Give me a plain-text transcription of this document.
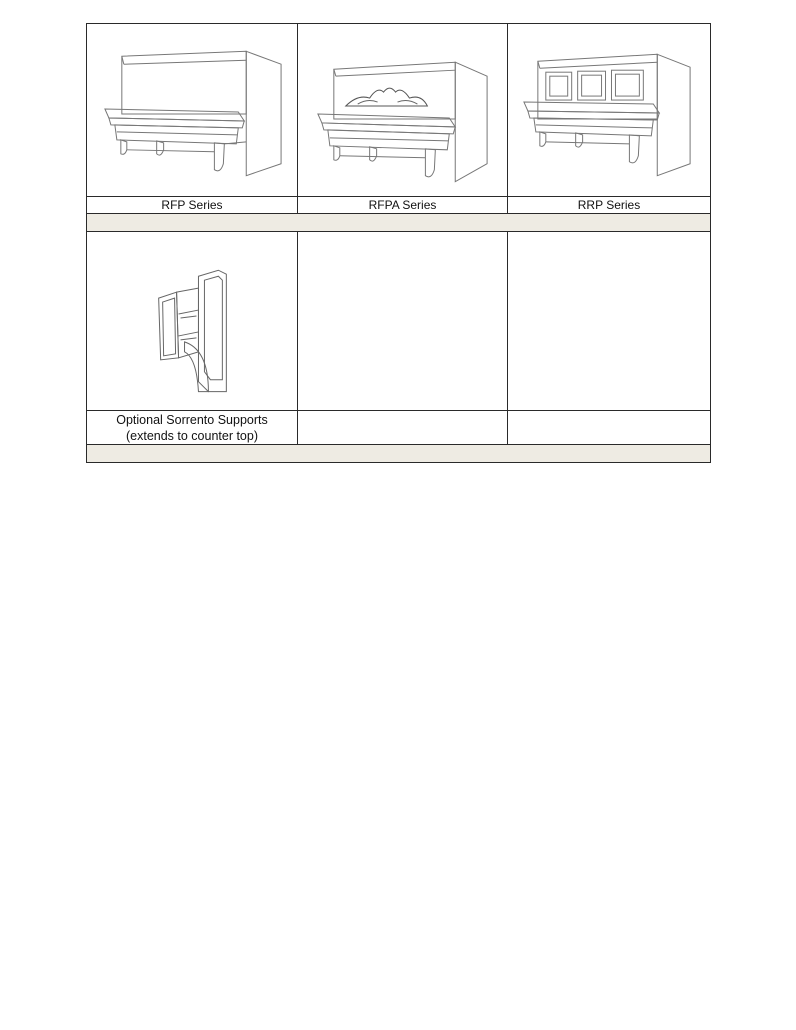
RFP Series	RFPA Series	RRP Series

Optional Sorrento Supports
(extends to counter top)		
